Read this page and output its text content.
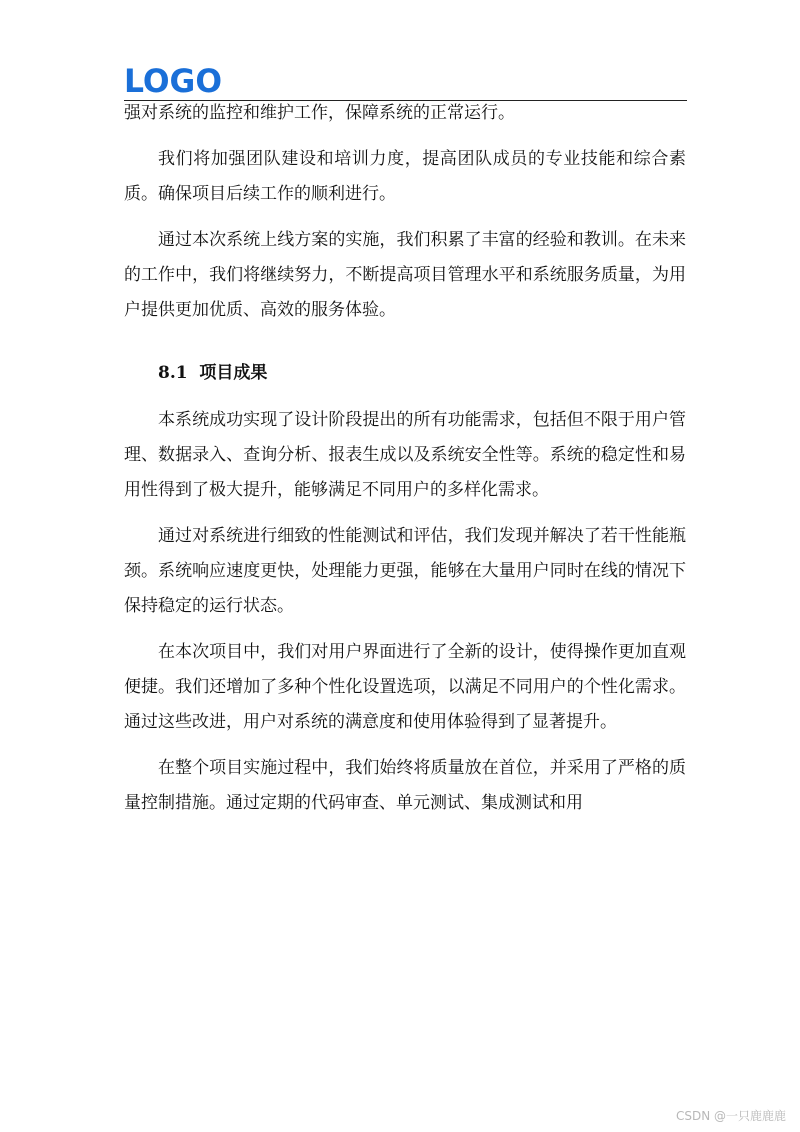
LOGO

强对系统的监控和维护工作，保障系统的正常运行。

我们将加强团队建设和培训力度，提高团队成员的专业技能和综合素质。确保项目后续工作的顺利进行。

通过本次系统上线方案的实施，我们积累了丰富的经验和教训。在未来的工作中，我们将继续努力，不断提高项目管理水平和系统服务质量，为用户提供更加优质、高效的服务体验。

8.1 项目成果

本系统成功实现了设计阶段提出的所有功能需求，包括但不限于用户管理、数据录入、查询分析、报表生成以及系统安全性等。系统的稳定性和易用性得到了极大提升，能够满足不同用户的多样化需求。

通过对系统进行细致的性能测试和评估，我们发现并解决了若干性能瓶颈。系统响应速度更快，处理能力更强，能够在大量用户同时在线的情况下保持稳定的运行状态。

在本次项目中，我们对用户界面进行了全新的设计，使得操作更加直观便捷。我们还增加了多种个性化设置选项，以满足不同用户的个性化需求。通过这些改进，用户对系统的满意度和使用体验得到了显著提升。

在整个项目实施过程中，我们始终将质量放在首位，并采用了严格的质量控制措施。通过定期的代码审查、单元测试、集成测试和用

CSDN @一只鹿鹿鹿
